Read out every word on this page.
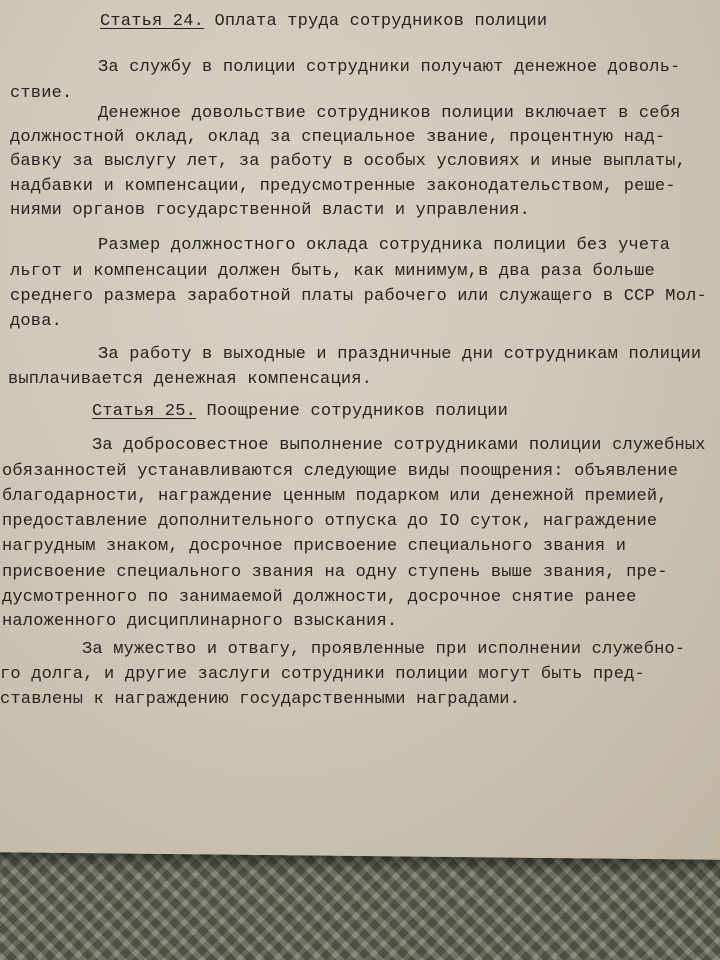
Статья 24. Оплата труда сотрудников полиции
За службу в полиции сотрудники получают денежное доволь-
ствие.
Денежное довольствие сотрудников полиции включает в себя
должностной оклад, оклад за специальное звание, процентную над-
бавку за выслугу лет, за работу в особых условиях и иные выплаты,
надбавки и компенсации, предусмотренные законодательством, реше-
ниями органов государственной власти и управления.
Размер должностного оклада сотрудника полиции без учета
льгот и компенсации должен быть, как минимум,в два раза больше
среднего размера заработной платы рабочего или служащего в ССР Мол-
дова.
За работу в выходные и праздничные дни сотрудникам полиции
выплачивается денежная компенсация.
Статья 25. Поощрение сотрудников полиции
За добросовестное выполнение сотрудниками полиции служебных
обязанностей устанавливаются следующие виды поощрения: объявление
благодарности, награждение ценным подарком или денежной премией,
предоставление дополнительного отпуска до IO суток, награждение
нагрудным знаком, досрочное присвоение специального звания и
присвоение специального звания на одну ступень выше звания, пре-
дусмотренного по занимаемой должности, досрочное снятие ранее
наложенного дисциплинарного взыскания.
За мужество и отвагу, проявленные при исполнении служебно-
го долга, и другие заслуги сотрудники полиции могут быть пред-
ставлены к награждению государственными наградами.
